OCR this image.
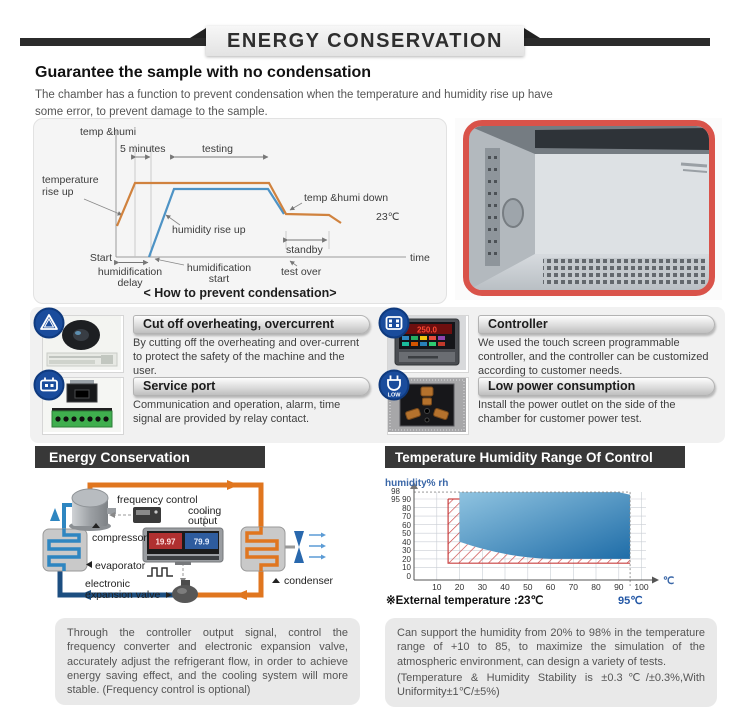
ENERGY CONSERVATION
Guarantee the sample with no condensation

The chamber has a function to prevent condensation when the temperature and humidity rise up have some error, to prevent damage to the sample.

temp &humi
5 minutes	testing
temperature
rise up	temp &humi down
23℃
humidity rise up
standby
Start
humidification
delay
humidification
start
test over
time
< How to prevent condensation>
Cut off overheating, overcurrent
By cutting off the overheating and over-current to protect the safety of the machine and the user.
250.0	Controller
We used the touch screen programmable controller, and the controller can be customized according to customer needs.
Service port
Communication and operation, alarm, time signal are provided by relay contact.
LOW
Low power consumption
Install the power outlet on the side of the chamber for customer power test.
Energy Conservation
19.97 79.9
frequency control
cooling
output
compressor
evaporator
electronic
expansion valve
condenser

Through the controller output signal, control the frequency converter and electronic expansion valve, accurately adjust the refrigerant flow, in order to achieve energy saving effect, and the cooling system will more stable. (Frequency control is optional)

Temperature Humidity Range Of Control
humidity% rh
℃
98
95 90
80
70
60
50
40
30
20
10
0
10 20 30 40 50 60 70 80 90 100
95℃
※External temperature :23℃

Can support the humidity from 20% to 98% in the temperature range of +10 to 85, to maximize the simulation of the atmospheric environment, can design a variety of tests.

(Temperature & Humidity Stability is ±0.3℃/±0.3%,With Uniformity±1℃/±5%)
